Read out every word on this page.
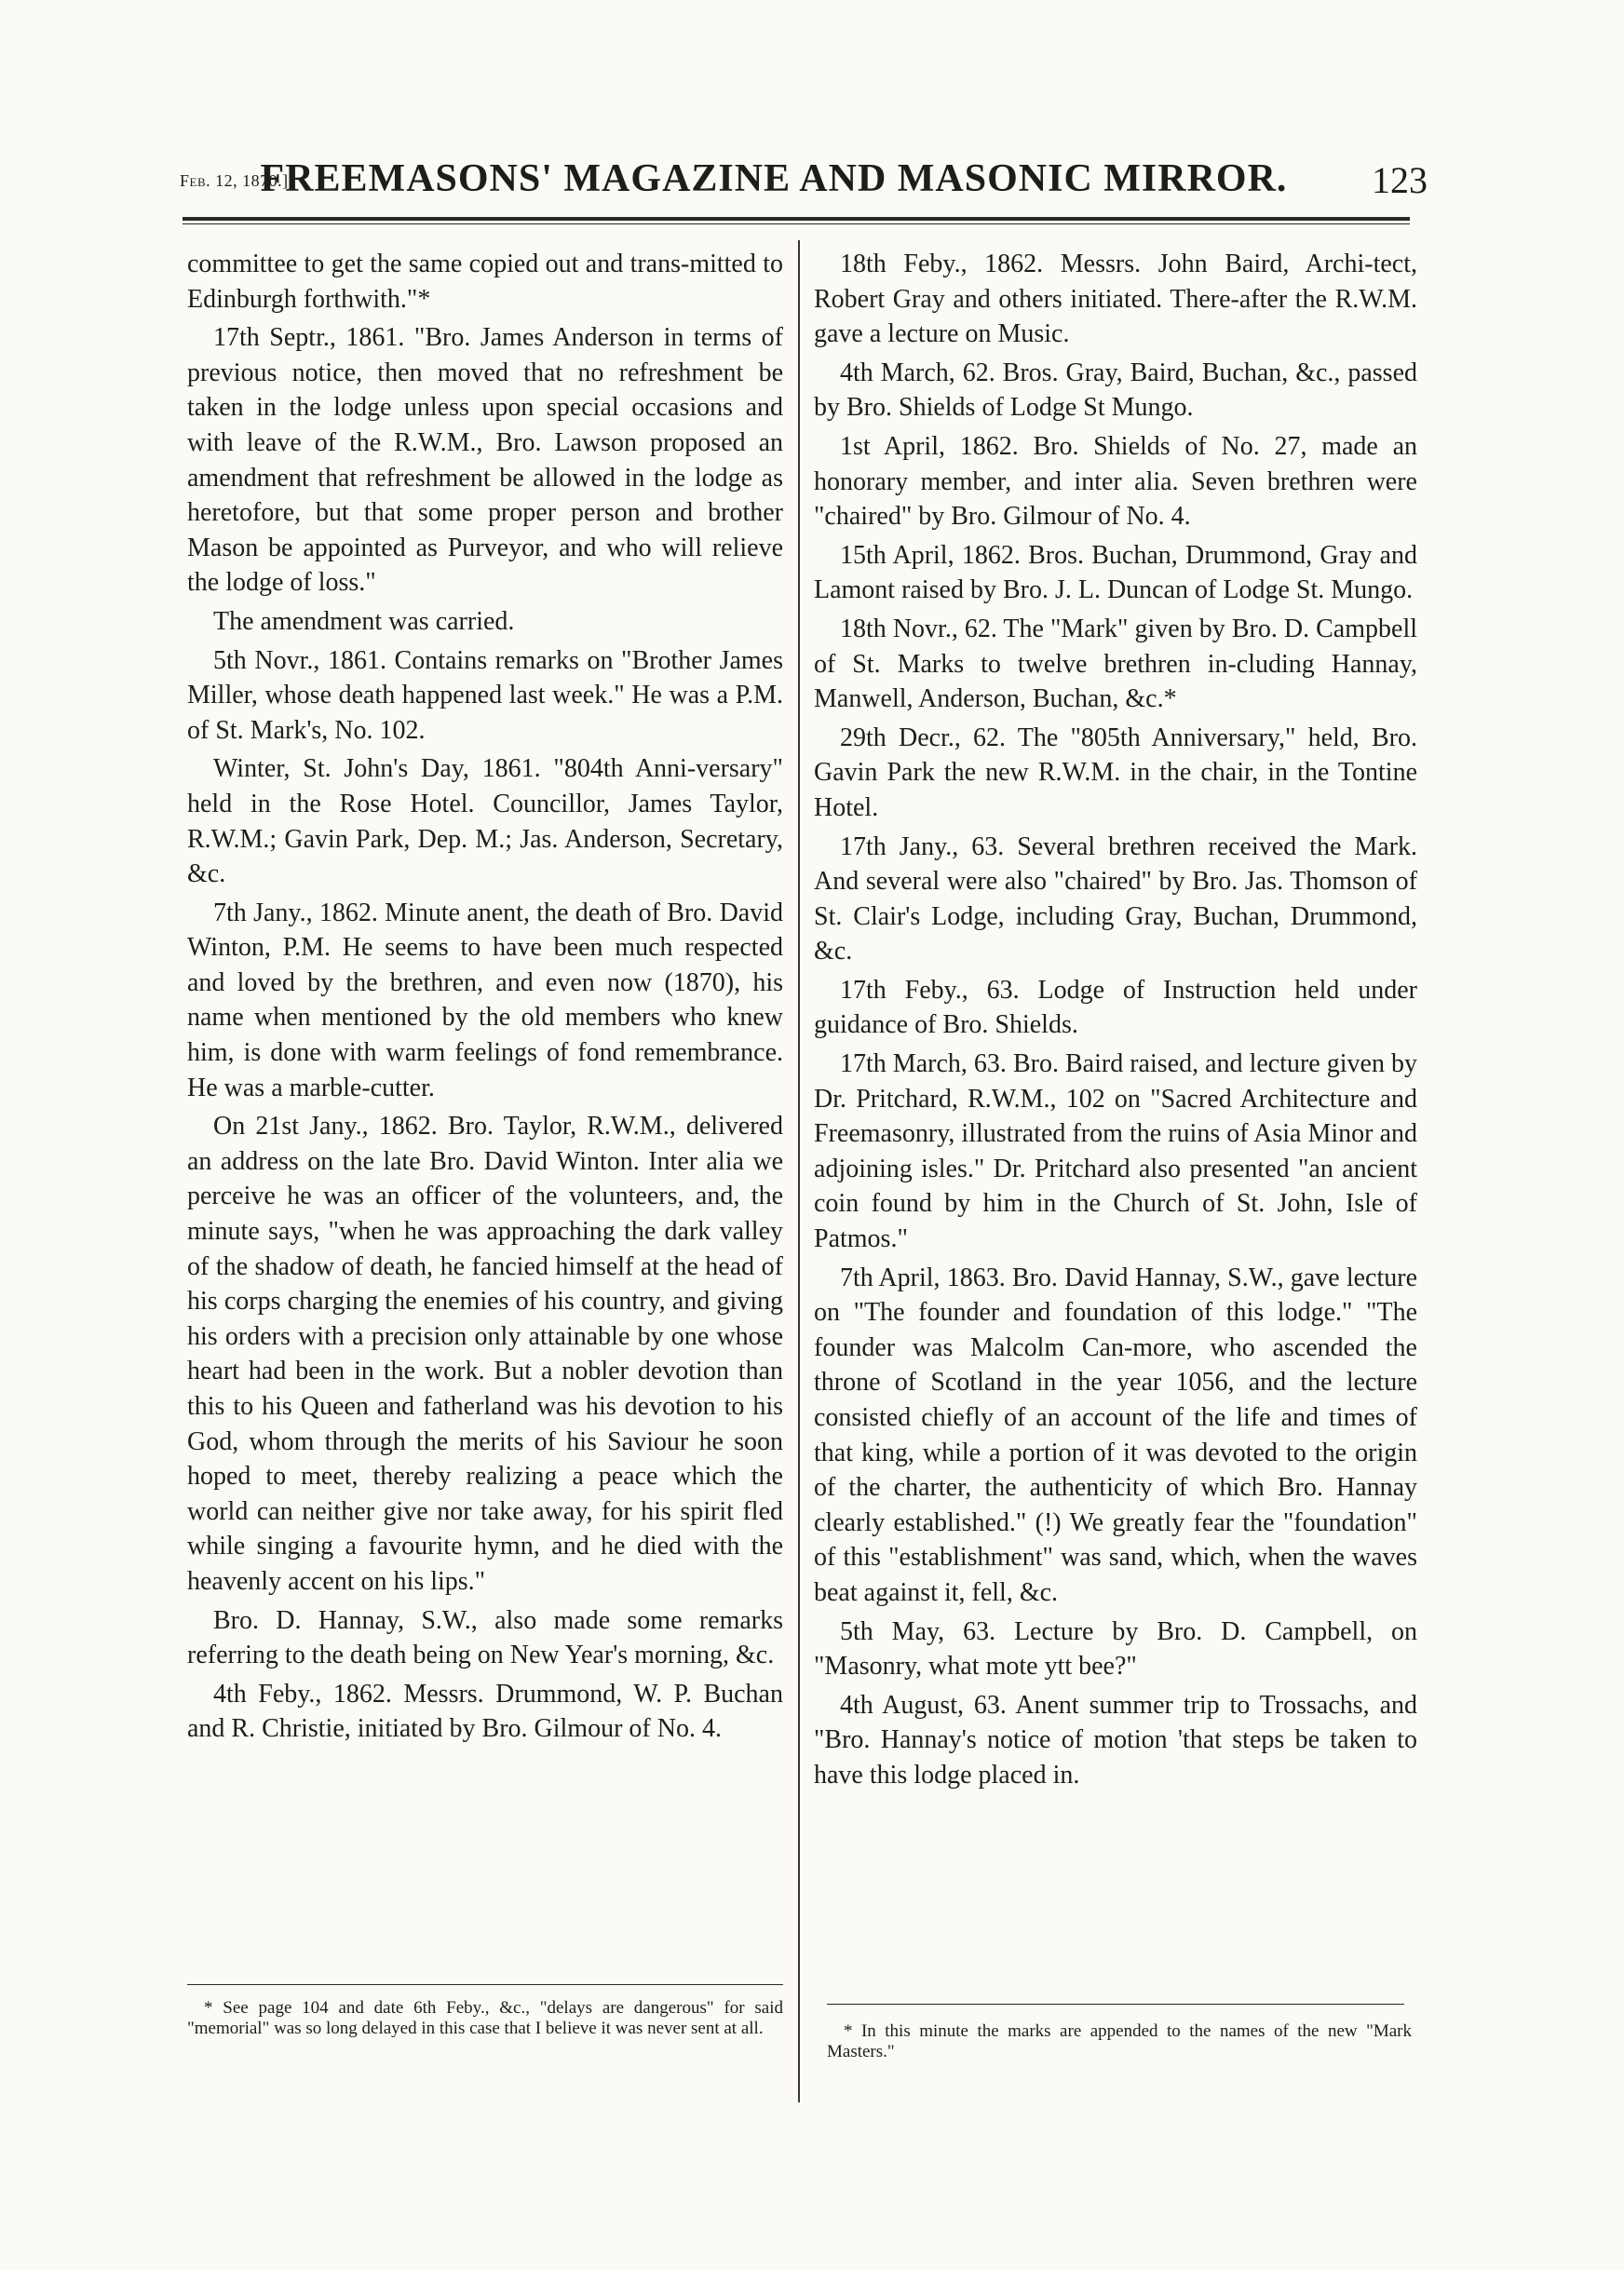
Feb. 12, 1870.]
FREEMASONS' MAGAZINE AND MASONIC MIRROR.	123

committee to get the same copied out and trans-mitted to Edinburgh forthwith."*

17th Septr., 1861. "Bro. James Anderson in terms of previous notice, then moved that no refreshment be taken in the lodge unless upon special occasions and with leave of the R.W.M., Bro. Lawson proposed an amendment that refreshment be allowed in the lodge as heretofore, but that some proper person and brother Mason be appointed as Purveyor, and who will relieve the lodge of loss."

The amendment was carried.

5th Novr., 1861. Contains remarks on "Brother James Miller, whose death happened last week." He was a P.M. of St. Mark's, No. 102.

Winter, St. John's Day, 1861. "804th Anni-versary" held in the Rose Hotel. Councillor, James Taylor, R.W.M.; Gavin Park, Dep. M.; Jas. Anderson, Secretary, &c.

7th Jany., 1862. Minute anent, the death of Bro. David Winton, P.M. He seems to have been much respected and loved by the brethren, and even now (1870), his name when mentioned by the old members who knew him, is done with warm feelings of fond remembrance. He was a marble-cutter.

On 21st Jany., 1862. Bro. Taylor, R.W.M., delivered an address on the late Bro. David Winton. Inter alia we perceive he was an officer of the volunteers, and, the minute says, "when he was approaching the dark valley of the shadow of death, he fancied himself at the head of his corps charging the enemies of his country, and giving his orders with a precision only attainable by one whose heart had been in the work. But a nobler devotion than this to his Queen and fatherland was his devotion to his God, whom through the merits of his Saviour he soon hoped to meet, thereby realizing a peace which the world can neither give nor take away, for his spirit fled while singing a favourite hymn, and he died with the heavenly accent on his lips."

Bro. D. Hannay, S.W., also made some remarks referring to the death being on New Year's morning, &c.

4th Feby., 1862. Messrs. Drummond, W. P. Buchan and R. Christie, initiated by Bro. Gilmour of No. 4.

18th Feby., 1862. Messrs. John Baird, Archi-tect, Robert Gray and others initiated. There-after the R.W.M. gave a lecture on Music.

4th March, 62. Bros. Gray, Baird, Buchan, &c., passed by Bro. Shields of Lodge St Mungo.

1st April, 1862. Bro. Shields of No. 27, made an honorary member, and inter alia. Seven brethren were "chaired" by Bro. Gilmour of No. 4.

15th April, 1862. Bros. Buchan, Drummond, Gray and Lamont raised by Bro. J. L. Duncan of Lodge St. Mungo.

18th Novr., 62. The "Mark" given by Bro. D. Campbell of St. Marks to twelve brethren in-cluding Hannay, Manwell, Anderson, Buchan, &c.*

29th Decr., 62. The "805th Anniversary," held, Bro. Gavin Park the new R.W.M. in the chair, in the Tontine Hotel.

17th Jany., 63. Several brethren received the Mark. And several were also "chaired" by Bro. Jas. Thomson of St. Clair's Lodge, including Gray, Buchan, Drummond, &c.

17th Feby., 63. Lodge of Instruction held under guidance of Bro. Shields.

17th March, 63. Bro. Baird raised, and lecture given by Dr. Pritchard, R.W.M., 102 on "Sacred Architecture and Freemasonry, illustrated from the ruins of Asia Minor and adjoining isles." Dr. Pritchard also presented "an ancient coin found by him in the Church of St. John, Isle of Patmos."

7th April, 1863. Bro. David Hannay, S.W., gave lecture on "The founder and foundation of this lodge." "The founder was Malcolm Can-more, who ascended the throne of Scotland in the year 1056, and the lecture consisted chiefly of an account of the life and times of that king, while a portion of it was devoted to the origin of the charter, the authenticity of which Bro. Hannay clearly established." (!) We greatly fear the "foundation" of this "establishment" was sand, which, when the waves beat against it, fell, &c.

5th May, 63. Lecture by Bro. D. Campbell, on "Masonry, what mote ytt bee?"

4th August, 63. Anent summer trip to Trossachs, and "Bro. Hannay's notice of motion 'that steps be taken to have this lodge placed in.

* See page 104 and date 6th Feby., &c., "delays are dangerous" for said "memorial" was so long delayed in this case that I believe it was never sent at all.	* In this minute the marks are appended to the names of the new "Mark Masters."
